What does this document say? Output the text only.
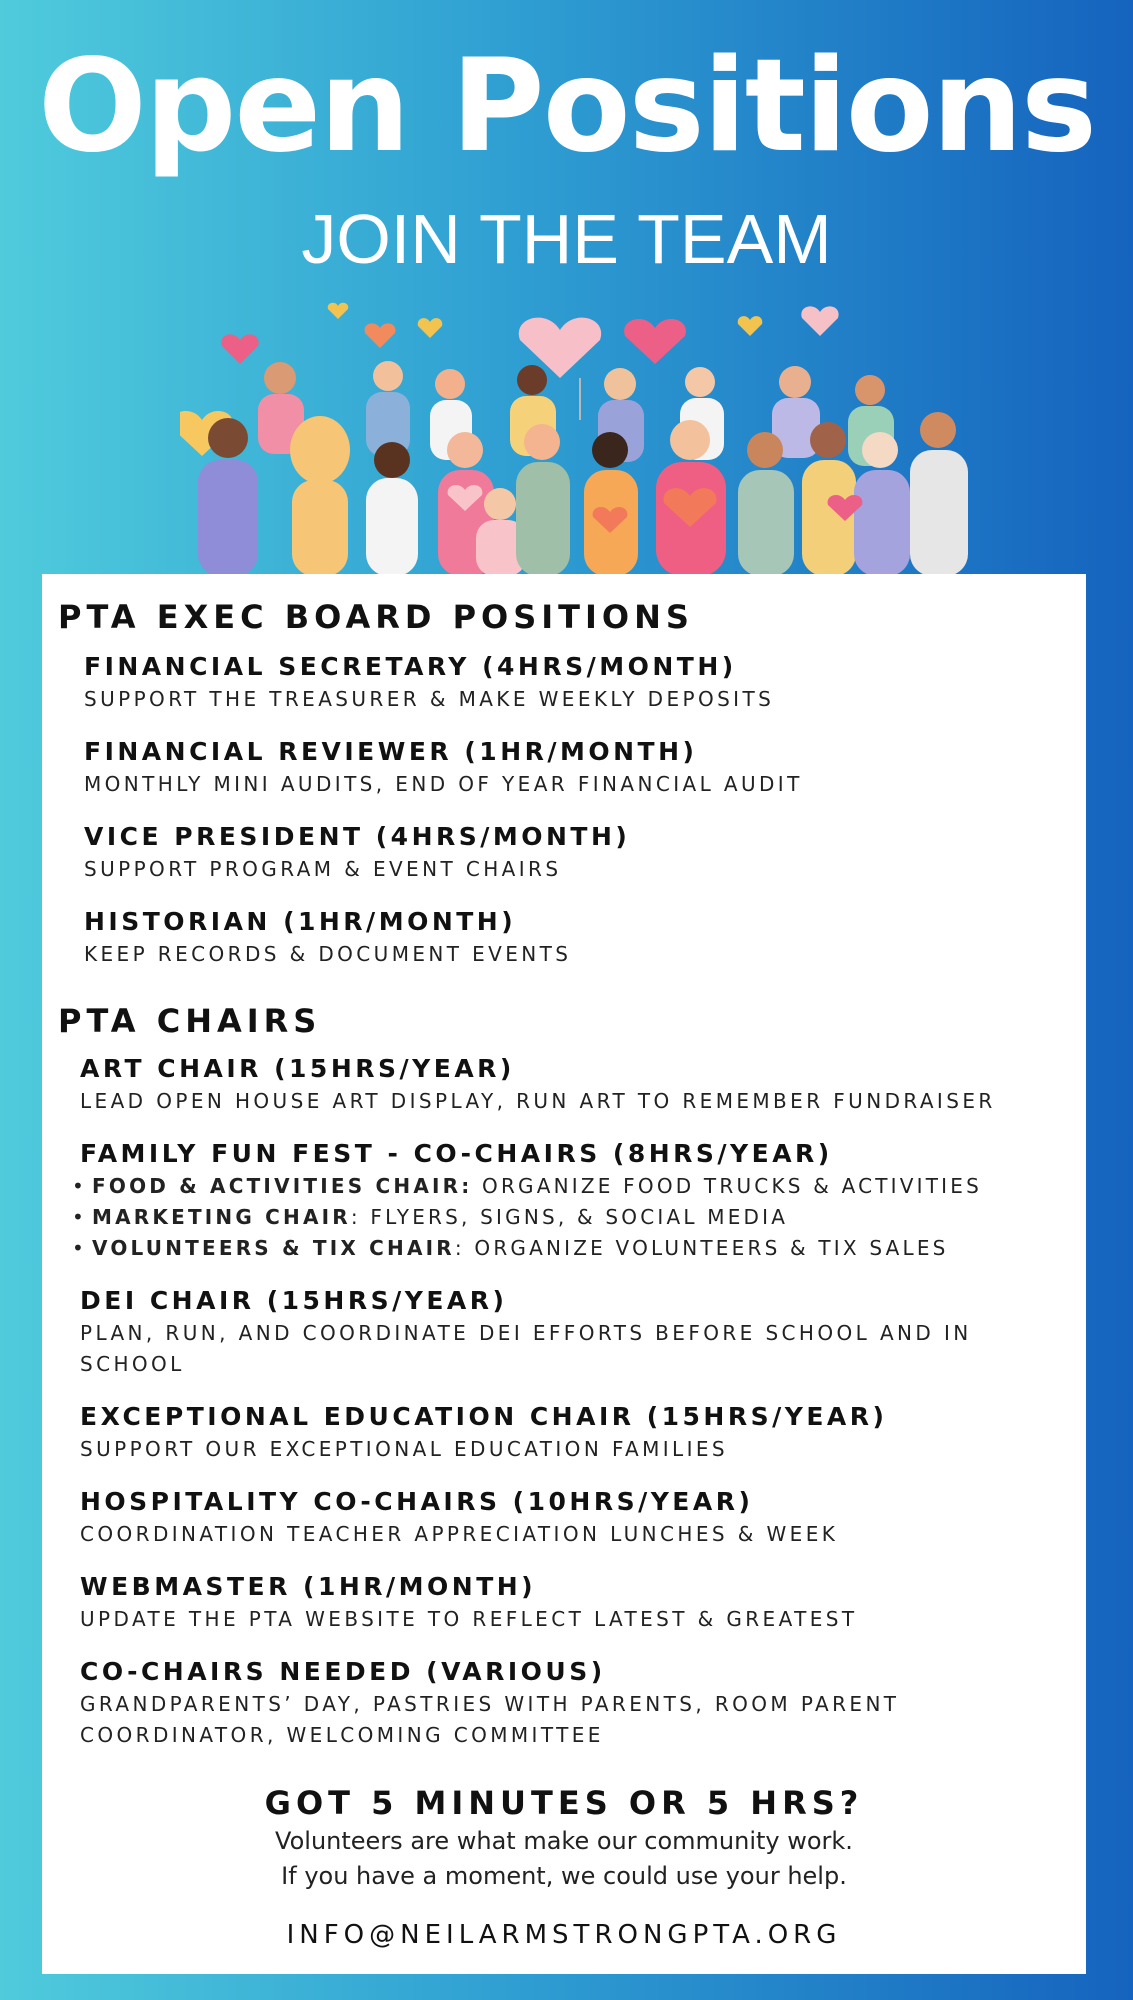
Open Positions
JOIN THE TEAM
PTA EXEC BOARD POSITIONS
FINANCIAL SECRETARY (4HRS/MONTH)
SUPPORT THE TREASURER & MAKE WEEKLY DEPOSITS
FINANCIAL REVIEWER (1HR/MONTH)
MONTHLY MINI AUDITS, END OF YEAR FINANCIAL AUDIT
VICE PRESIDENT (4HRS/MONTH)
SUPPORT PROGRAM & EVENT CHAIRS
HISTORIAN (1HR/MONTH)
KEEP RECORDS & DOCUMENT EVENTS
PTA CHAIRS
ART CHAIR (15HRS/YEAR)
LEAD OPEN HOUSE ART DISPLAY, RUN ART TO REMEMBER FUNDRAISER
FAMILY FUN FEST - CO-CHAIRS (8HRS/YEAR)
• FOOD & ACTIVITIES CHAIR: ORGANIZE FOOD TRUCKS & ACTIVITIES
• MARKETING CHAIR: FLYERS, SIGNS, & SOCIAL MEDIA
• VOLUNTEERS & TIX CHAIR: ORGANIZE VOLUNTEERS & TIX SALES
DEI CHAIR (15HRS/YEAR)
PLAN, RUN, AND COORDINATE DEI EFFORTS BEFORE SCHOOL AND IN
SCHOOL
EXCEPTIONAL EDUCATION CHAIR (15HRS/YEAR)
SUPPORT OUR EXCEPTIONAL EDUCATION FAMILIES
HOSPITALITY CO-CHAIRS (10HRS/YEAR)
COORDINATION TEACHER APPRECIATION LUNCHES & WEEK
WEBMASTER (1HR/MONTH)
UPDATE THE PTA WEBSITE TO REFLECT LATEST & GREATEST
CO-CHAIRS NEEDED (VARIOUS)
GRANDPARENTS’ DAY, PASTRIES WITH PARENTS, ROOM PARENT
COORDINATOR, WELCOMING COMMITTEE
GOT 5 MINUTES OR 5 HRS?
Volunteers are what make our community work.
If you have a moment, we could use your help.
INFO@NEILARMSTRONGPTA.ORG
